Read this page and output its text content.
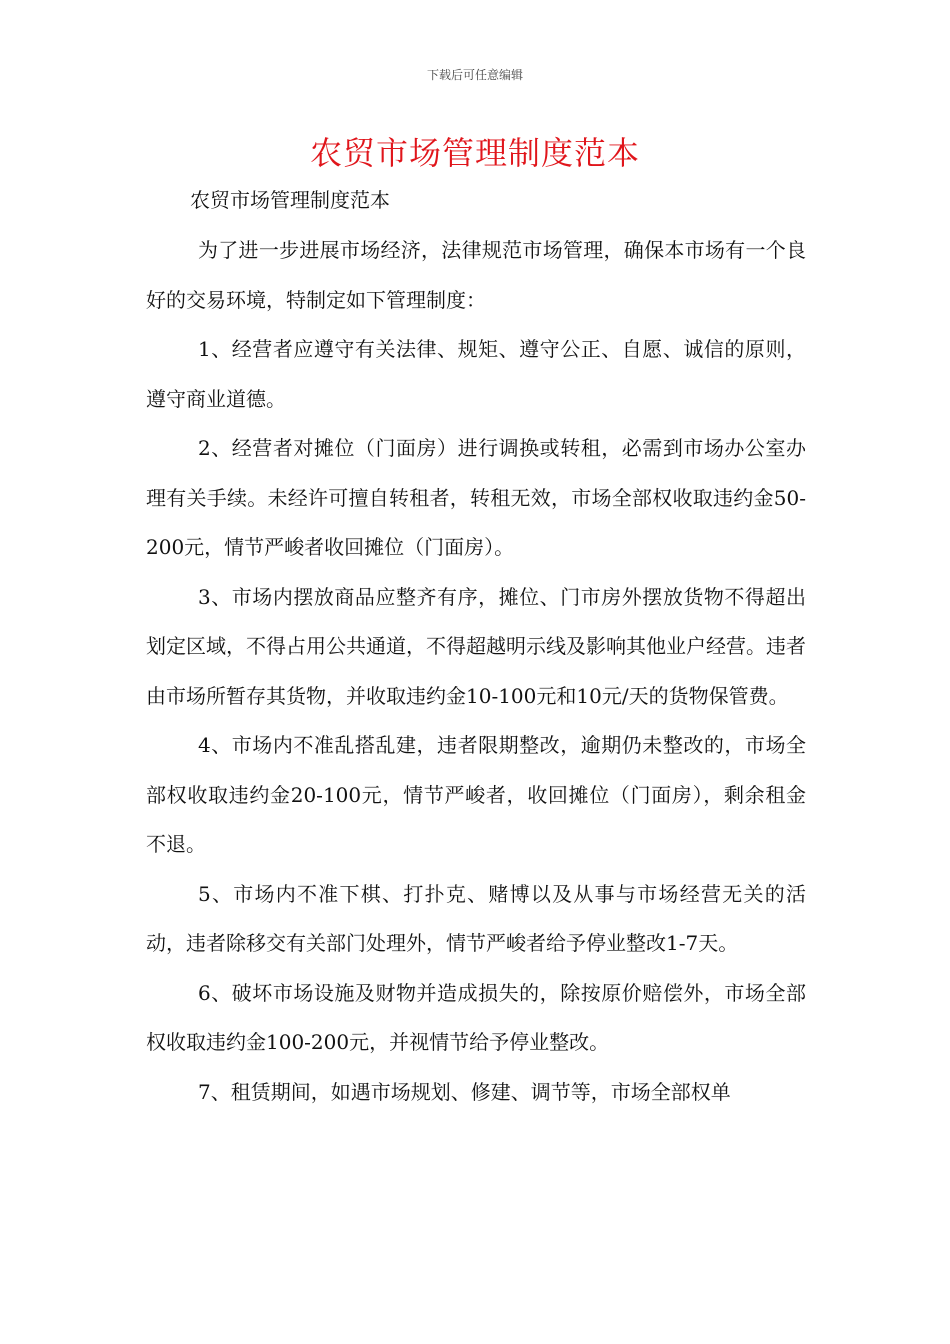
下载后可任意编辑
农贸市场管理制度范本
农贸市场管理制度范本

为了进一步进展市场经济，法律规范市场管理，确保本市场有一个良好的交易环境，特制定如下管理制度：

1、经营者应遵守有关法律、规矩、遵守公正、自愿、诚信的原则，遵守商业道德。

2、经营者对摊位（门面房）进行调换或转租，必需到市场办公室办理有关手续。未经许可擅自转租者，转租无效，市场全部权收取违约金50-200元，情节严峻者收回摊位（门面房）。

3、市场内摆放商品应整齐有序，摊位、门市房外摆放货物不得超出划定区域，不得占用公共通道，不得超越明示线及影响其他业户经营。违者由市场所暂存其货物，并收取违约金10-100元和10元/天的货物保管费。

4、市场内不准乱搭乱建，违者限期整改，逾期仍未整改的，市场全部权收取违约金20-100元，情节严峻者，收回摊位（门面房），剩余租金不退。

5、市场内不准下棋、打扑克、赌博以及从事与市场经营无关的活动，违者除移交有关部门处理外，情节严峻者给予停业整改1-7天。

6、破坏市场设施及财物并造成损失的，除按原价赔偿外，市场全部权收取违约金100-200元，并视情节给予停业整改。

7、租赁期间，如遇市场规划、修建、调节等，市场全部权单
